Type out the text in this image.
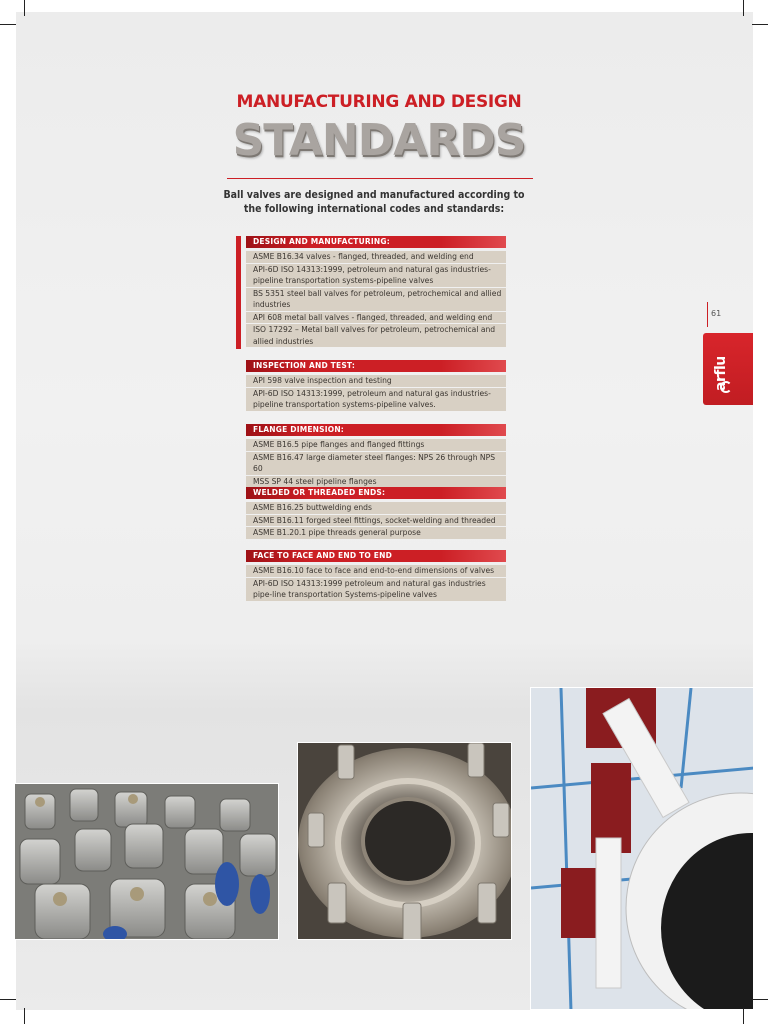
MANUFACTURING AND DESIGN
STANDARDS
Ball valves are designed and manufactured according to the following international codes and standards:
DESIGN AND MANUFACTURING:
ASME B16.34 valves - flanged, threaded, and welding end
API-6D ISO 14313:1999, petroleum and natural gas industries-pipeline transportation systems-pipeline valves
BS 5351 steel ball valves for petroleum, petrochemical and allied industries
API 608 metal ball valves - flanged, threaded, and welding end
ISO 17292 – Metal ball valves for petroleum, petrochemical and allied industries
INSPECTION AND TEST:
API 598 valve inspection and testing
API-6D ISO 14313:1999, petroleum and natural gas industries-pipeline transportation systems-pipeline valves.
FLANGE DIMENSION:
ASME B16.5 pipe flanges and flanged fittings
ASME B16.47 large diameter steel flanges: NPS 26 through NPS 60
MSS SP 44 steel pipeline flanges
WELDED OR THREADED ENDS:
ASME B16.25 buttwelding ends
ASME B16.11 forged steel fittings, socket-welding and threaded
ASME B1.20.1 pipe threads general purpose
FACE TO FACE AND END TO END
ASME B16.10 face to face and end-to-end dimensions of valves
API-6D ISO 14313:1999 petroleum and natural gas industries pipe-line transportation Systems-pipeline valves
61
arflu
